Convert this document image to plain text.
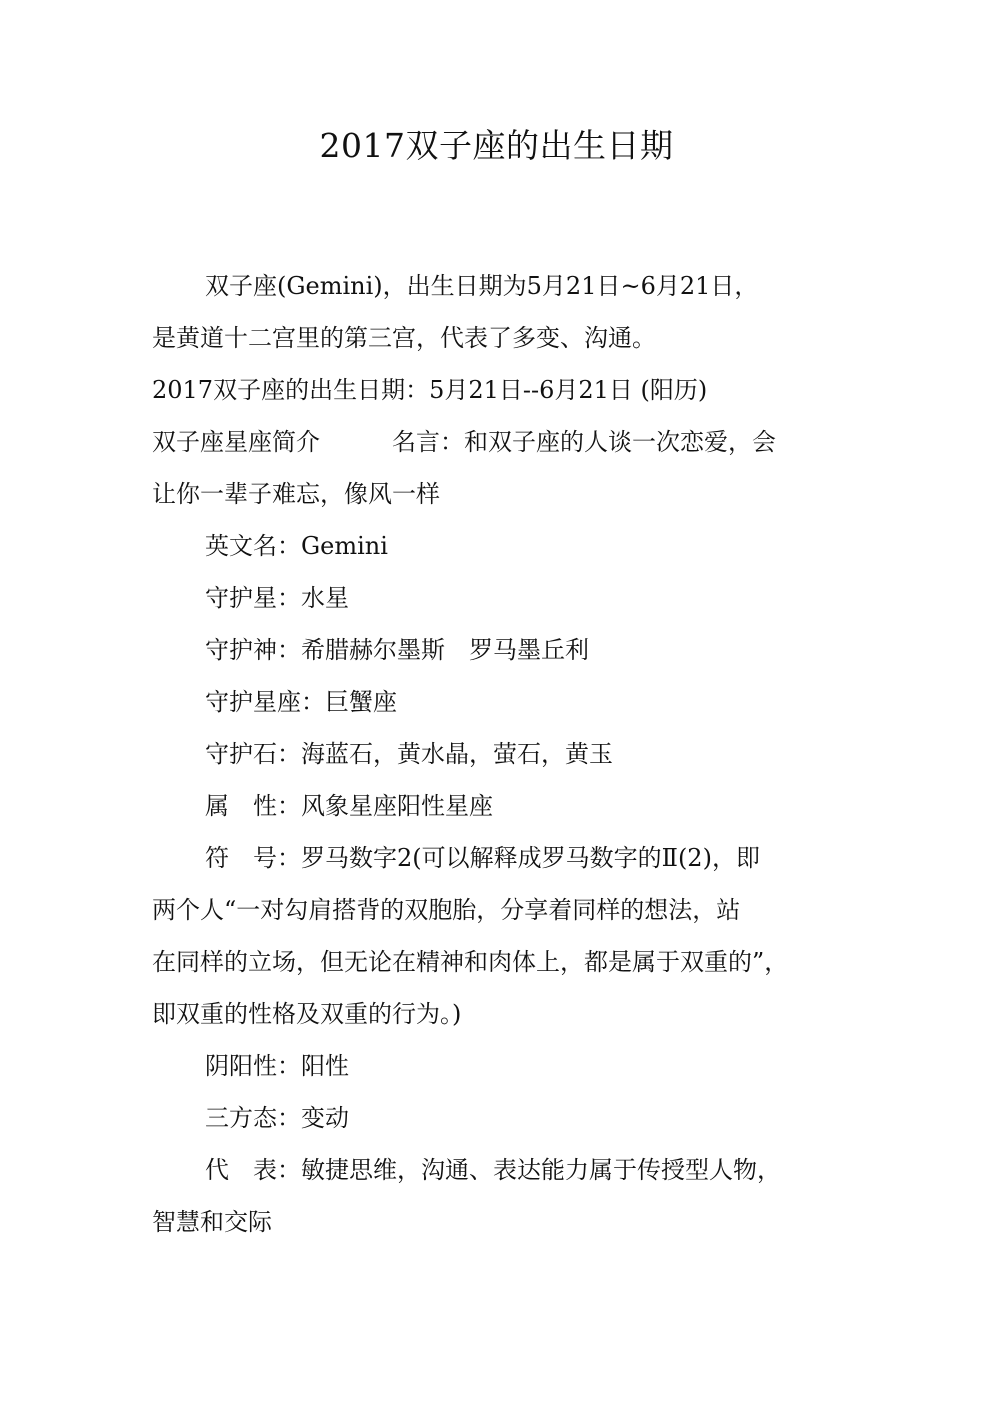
2017双子座的出生日期
双子座(Gemini)，出生日期为5月21日~6月21日，
是黄道十二宫里的第三宫，代表了多变、沟通。
2017双子座的出生日期：5月21日--6月21日 (阳历)
双子座星座简介　　　名言：和双子座的人谈一次恋爱，会
让你一辈子难忘，像风一样
英文名：Gemini
守护星：水星
守护神：希腊赫尔墨斯　罗马墨丘利
守护星座：巨蟹座
守护石：海蓝石，黄水晶，萤石，黄玉
属　性：风象星座阳性星座
符　号：罗马数字2(可以解释成罗马数字的Ⅱ(2)，即
两个人“一对勾肩搭背的双胞胎，分享着同样的想法，站
在同样的立场，但无论在精神和肉体上，都是属于双重的”，
即双重的性格及双重的行为。)
阴阳性：阳性
三方态：变动
代　表：敏捷思维，沟通、表达能力属于传授型人物，
智慧和交际
